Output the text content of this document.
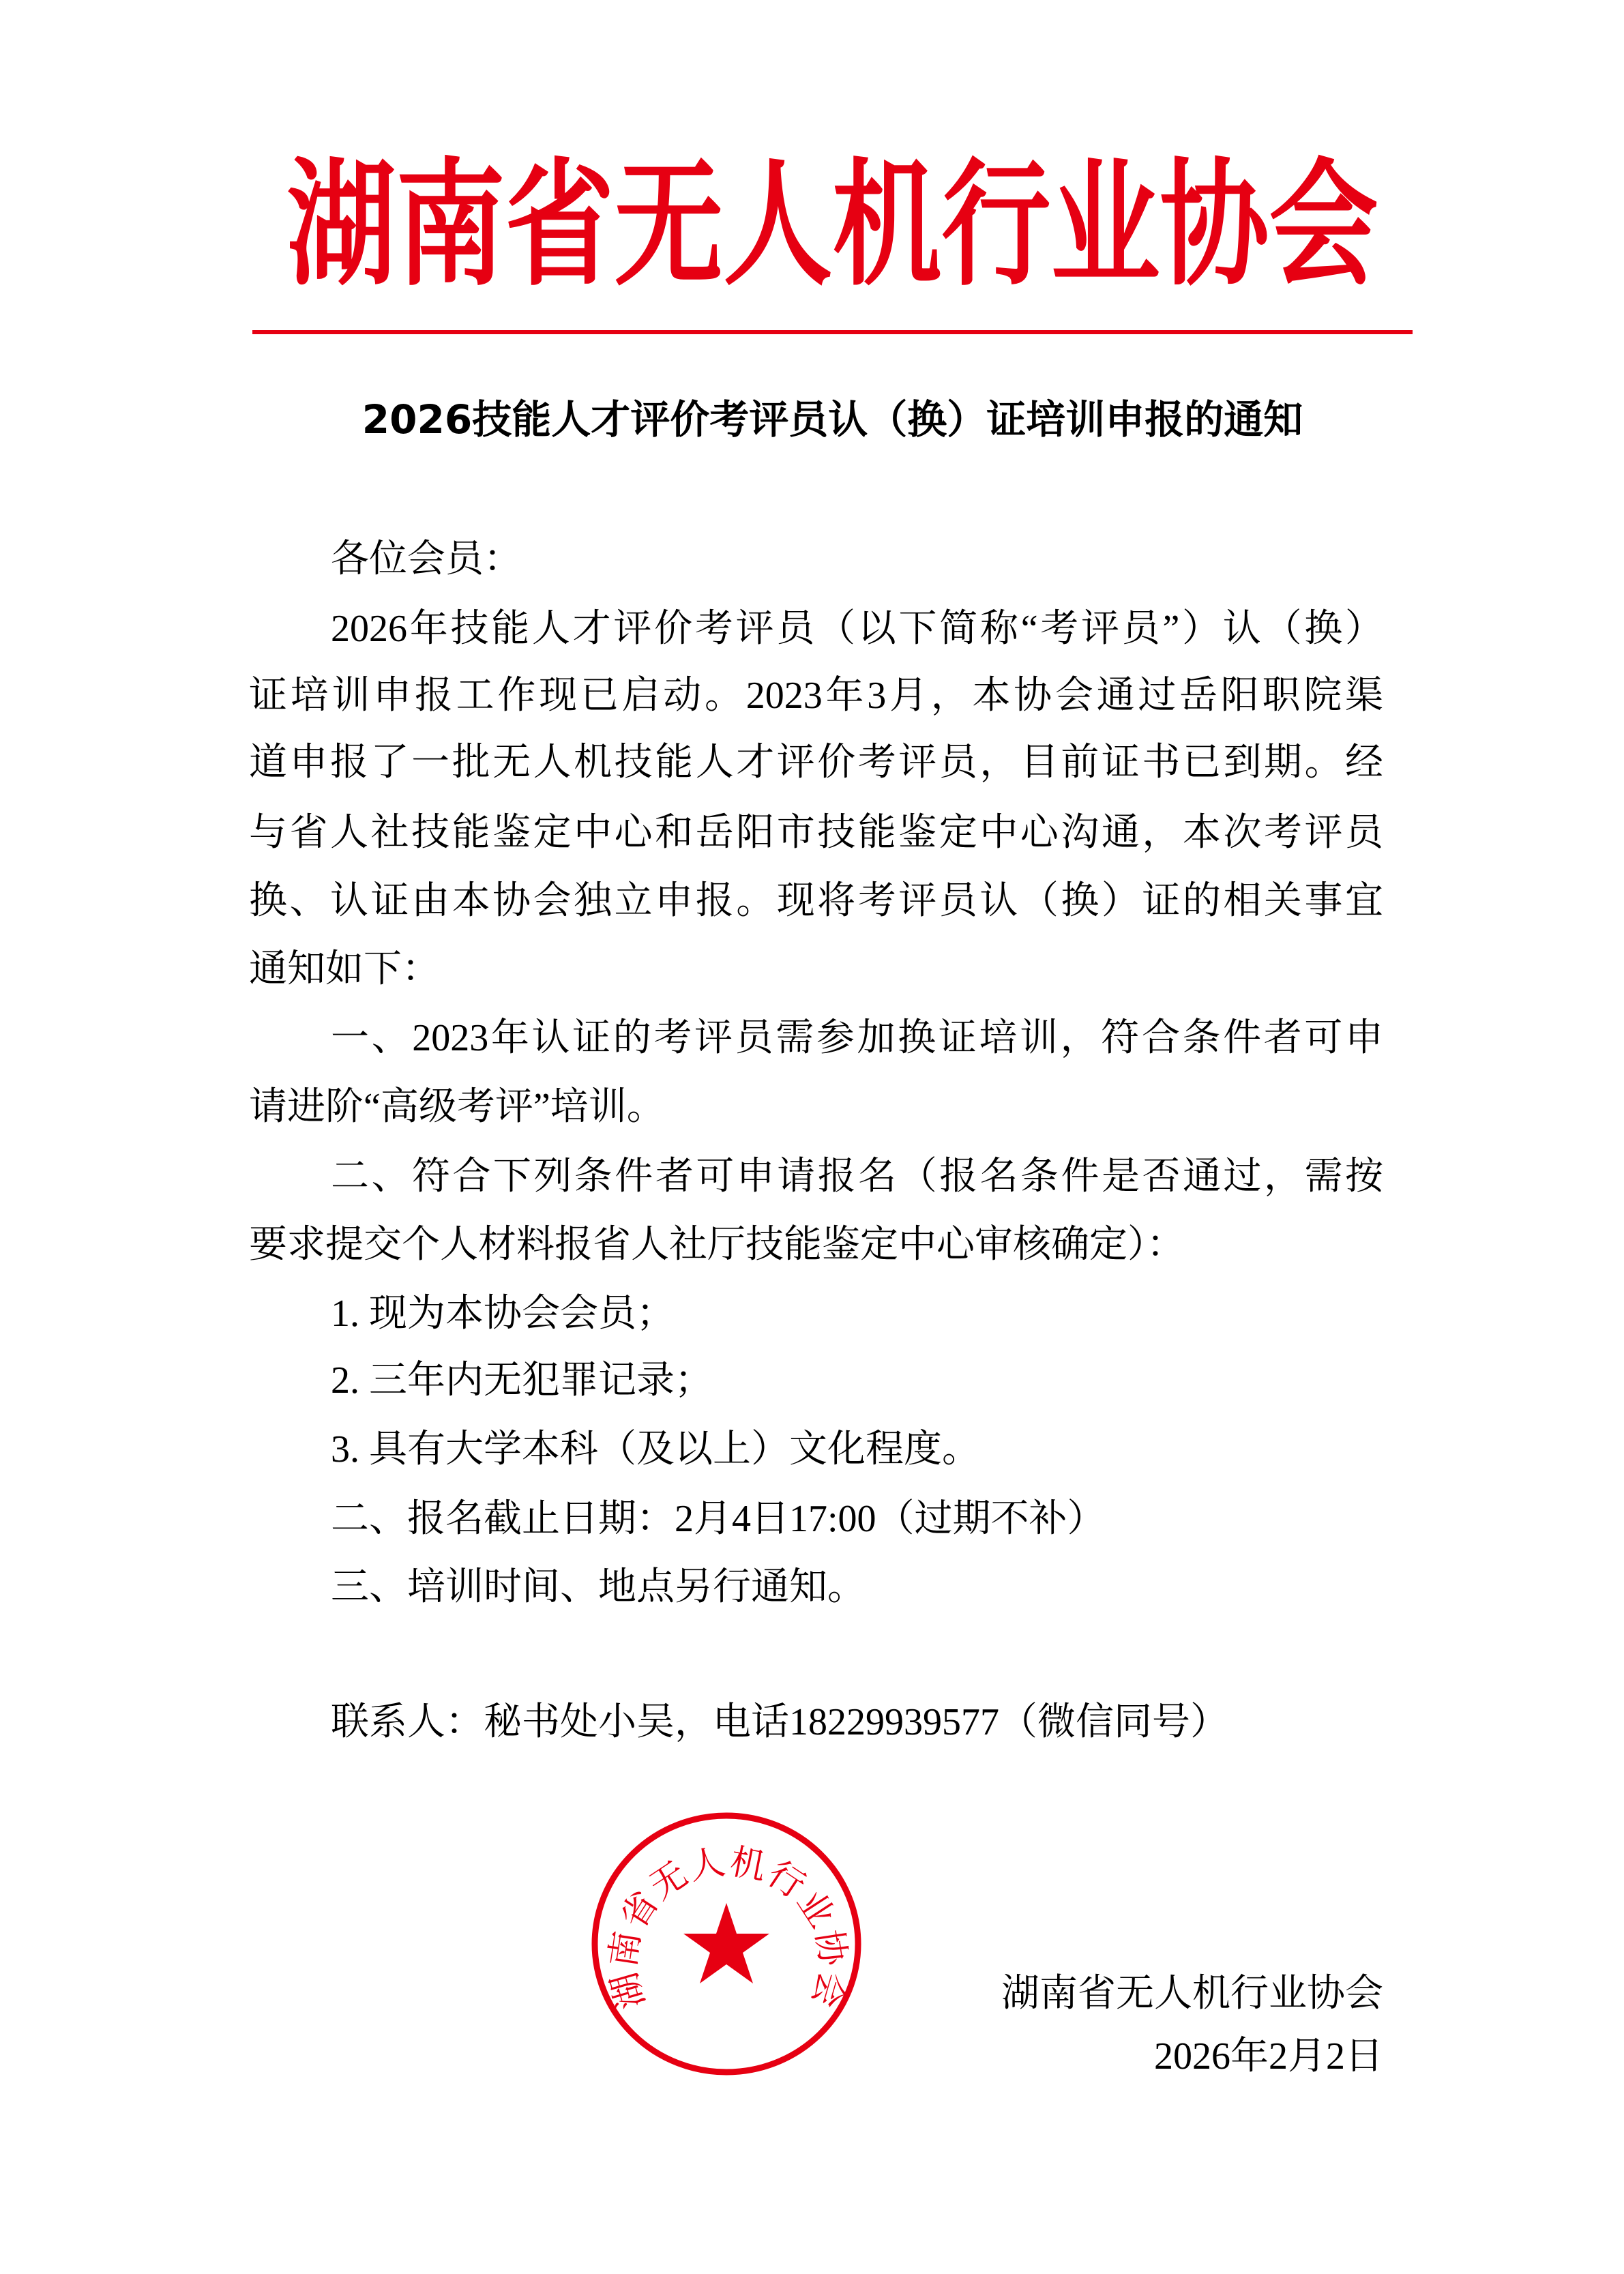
湖南省无人机行业协会
2026技能人才评价考评员认（换）证培训申报的通知
各位会员：
2026年技能人才评价考评员（以下简称“考评员”）认（换）
证培训申报工作现已启动。2023年3月，本协会通过岳阳职院渠
道申报了一批无人机技能人才评价考评员，目前证书已到期。经
与省人社技能鉴定中心和岳阳市技能鉴定中心沟通，本次考评员
换、认证由本协会独立申报。现将考评员认（换）证的相关事宜
通知如下：
一、2023年认证的考评员需参加换证培训，符合条件者可申
请进阶“高级考评”培训。
二、符合下列条件者可申请报名（报名条件是否通过，需按
要求提交个人材料报省人社厅技能鉴定中心审核确定）：
1. 现为本协会会员；
2. 三年内无犯罪记录；
3. 具有大学本科（及以上）文化程度。
二、报名截止日期：2月4日17:00（过期不补）
三、培训时间、地点另行通知。
联系人：秘书处小吴，电话18229939577（微信同号）
湖南省无人机行业协会	湖南省无人机行业协会
2026年2月2日
